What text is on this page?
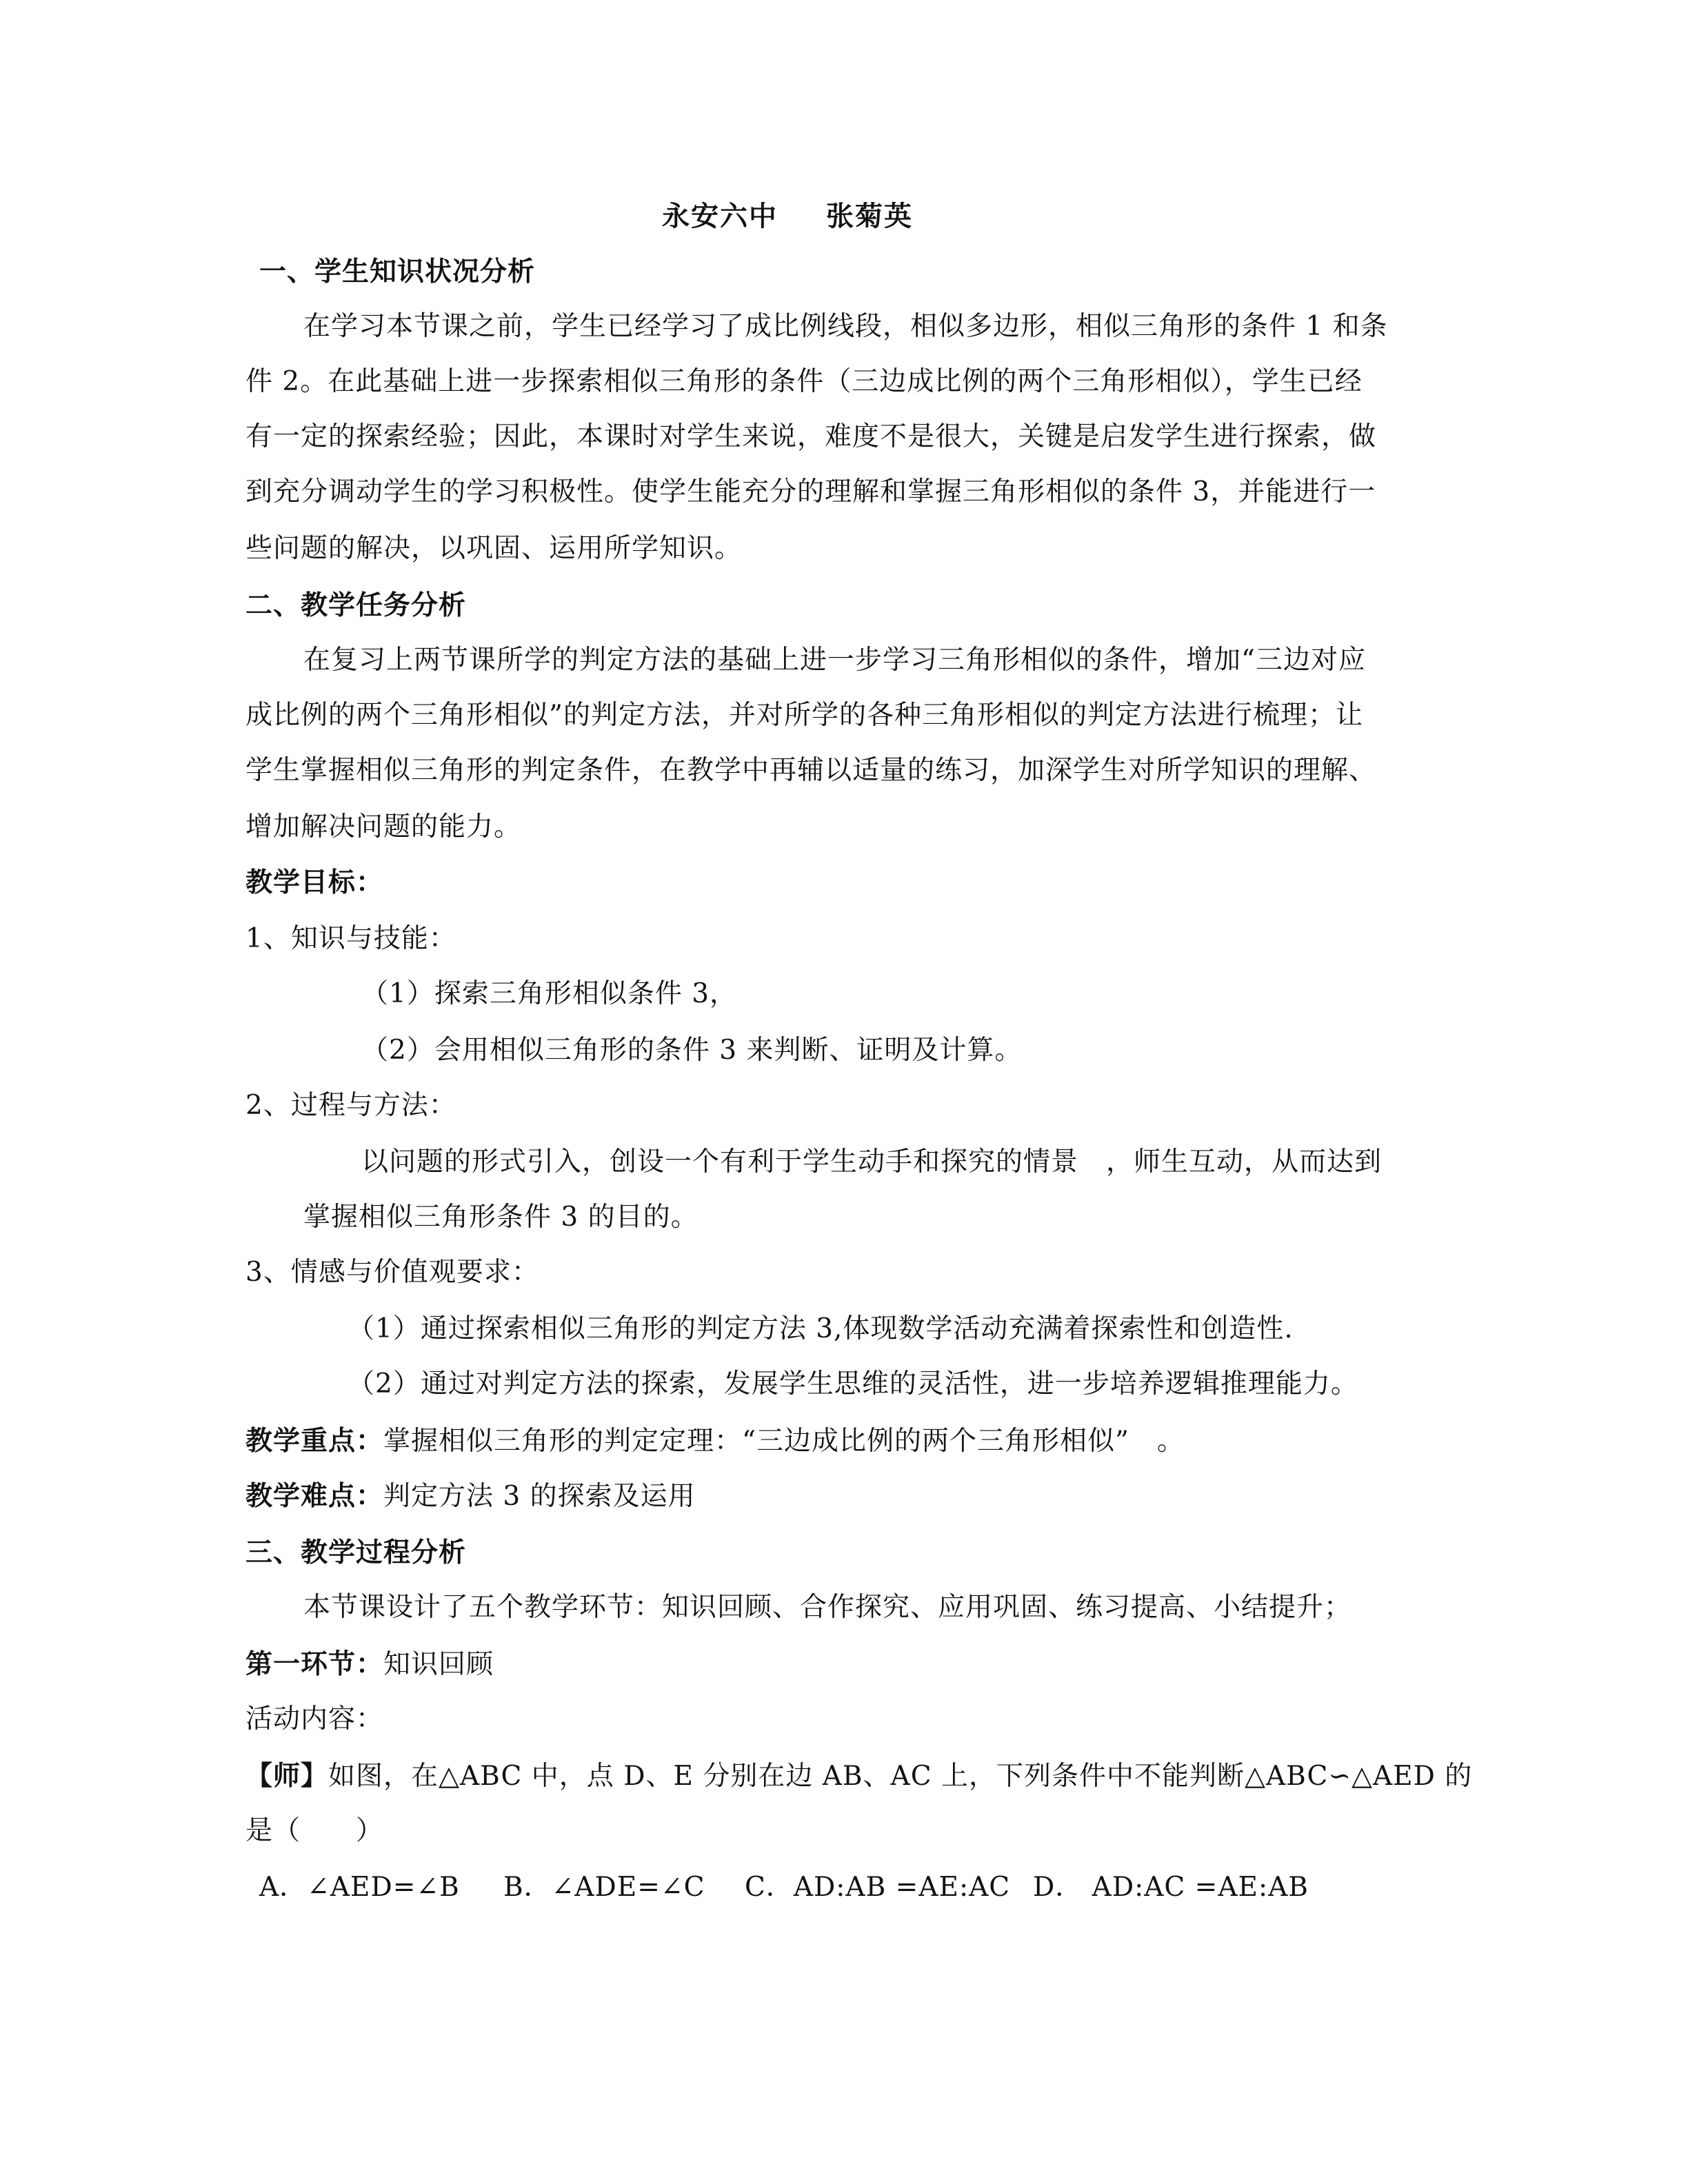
永安六中 张菊英
一、学生知识状况分析
在学习本节课之前，学生已经学习了成比例线段，相似多边形，相似三角形的条件 1 和条
件 2。在此基础上进一步探索相似三角形的条件（三边成比例的两个三角形相似），学生已经
有一定的探索经验；因此，本课时对学生来说，难度不是很大，关键是启发学生进行探索，做
到充分调动学生的学习积极性。使学生能充分的理解和掌握三角形相似的条件 3，并能进行一
些问题的解决，以巩固、运用所学知识。
二、教学任务分析
在复习上两节课所学的判定方法的基础上进一步学习三角形相似的条件，增加“三边对应
成比例的两个三角形相似”的判定方法，并对所学的各种三角形相似的判定方法进行梳理；让
学生掌握相似三角形的判定条件，在教学中再辅以适量的练习，加深学生对所学知识的理解、
增加解决问题的能力。
教学目标：
1、知识与技能：
（1）探索三角形相似条件 3，
（2）会用相似三角形的条件 3 来判断、证明及计算。
2、过程与方法：
以问题的形式引入，创设一个有利于学生动手和探究的情景 ，师生互动，从而达到
掌握相似三角形条件 3 的目的。
3、情感与价值观要求：
（1）通过探索相似三角形的判定方法 3,体现数学活动充满着探索性和创造性.
（2）通过对判定方法的探索，发展学生思维的灵活性，进一步培养逻辑推理能力。
教学重点：掌握相似三角形的判定定理：“三边成比例的两个三角形相似” 。
教学难点：判定方法 3 的探索及运用
三、教学过程分析
本节课设计了五个教学环节：知识回顾、合作探究、应用巩固、练习提高、小结提升；
第一环节：知识回顾
活动内容：
【师】如图，在△ABC 中，点 D、E 分别在边 AB、AC 上，下列条件中不能判断△ABC∽△AED 的
是（　　）
A．∠AED=∠B B．∠ADE=∠C C．AD:AB =AE:AC D． AD:AC =AE:AB
